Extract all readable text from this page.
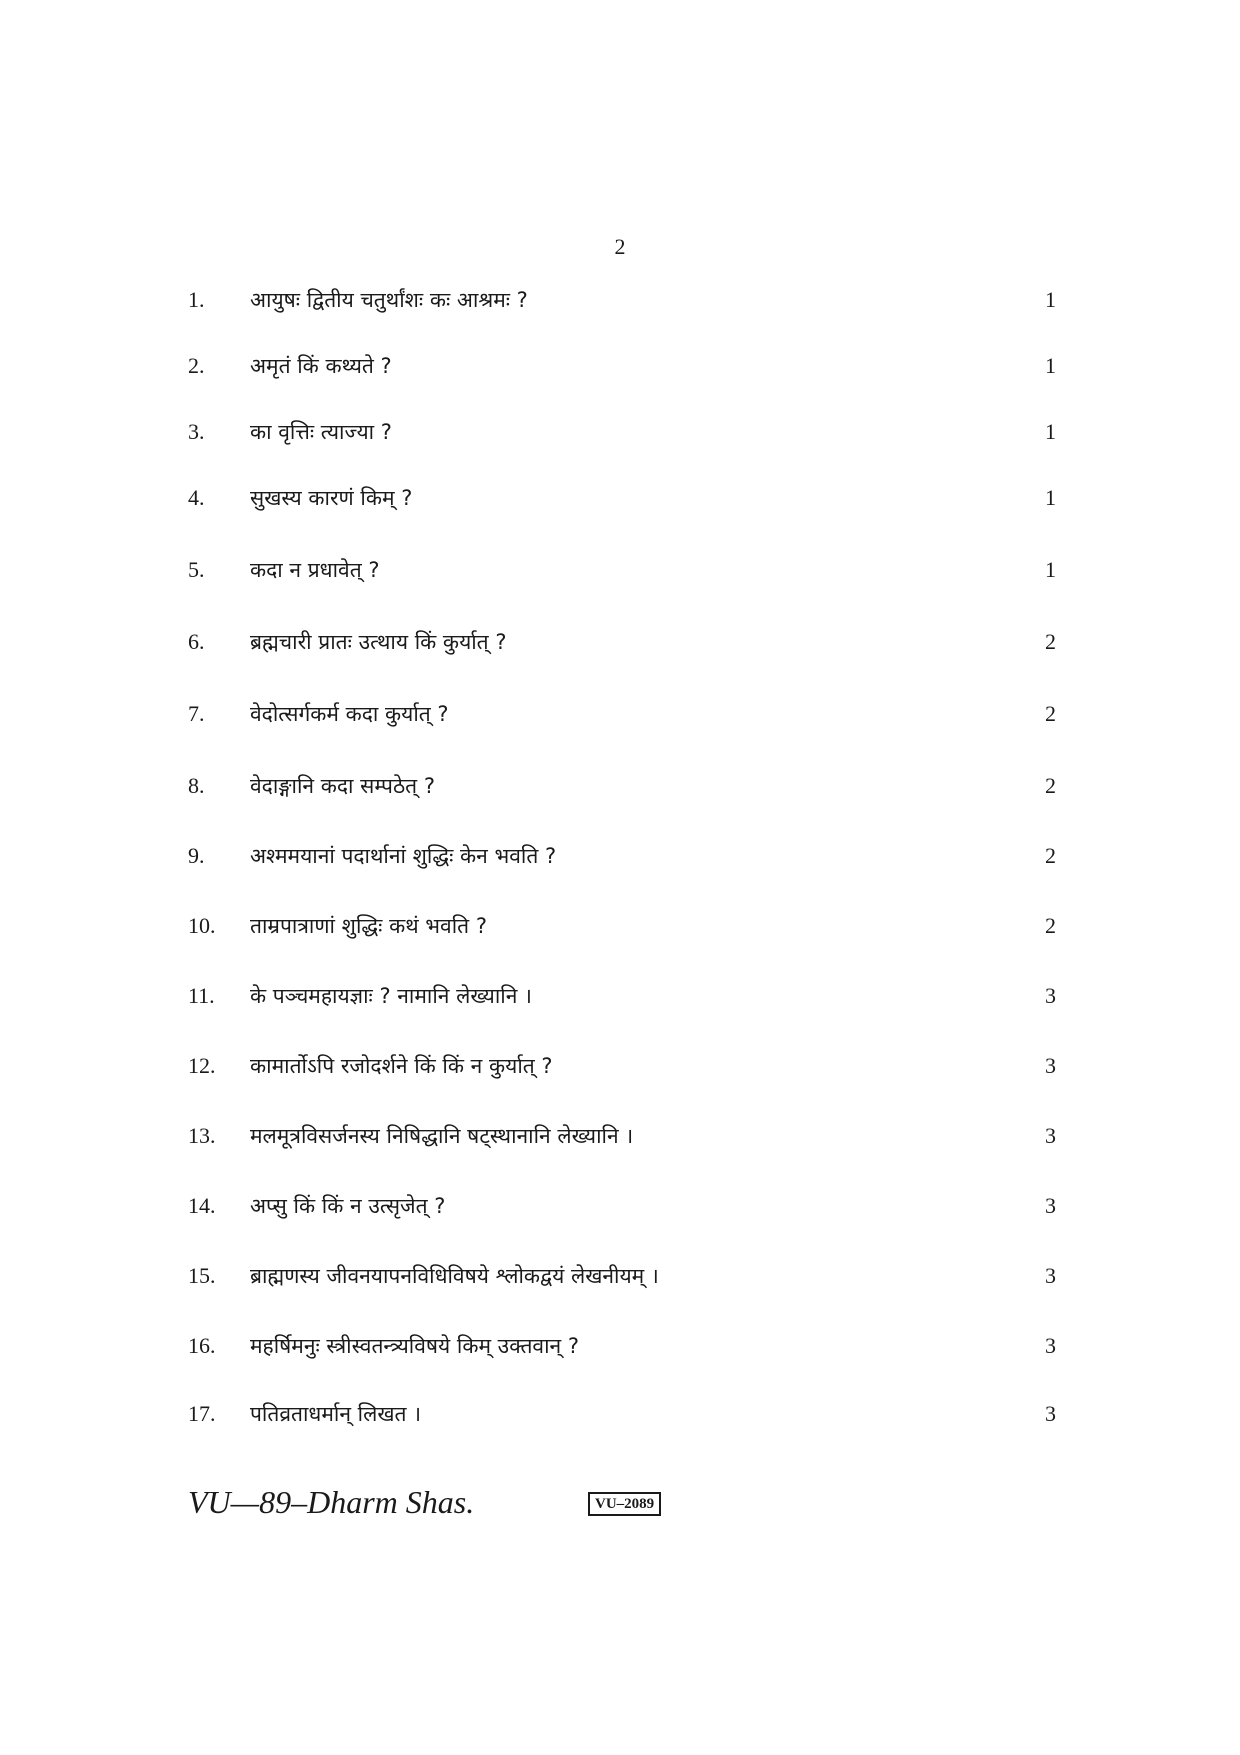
2
1. आयुषः द्वितीय चतुर्थांशः कः आश्रमः ?	1
2. अमृतं किं कथ्यते ?	1
3. का वृत्तिः त्याज्या ?	1
4. सुखस्य कारणं किम् ?	1
5. कदा न प्रधावेत् ?	1
6. ब्रह्मचारी प्रातः उत्थाय किं कुर्यात् ?	2
7. वेदोत्सर्गकर्म कदा कुर्यात् ?	2
8. वेदाङ्गानि कदा सम्पठेत् ?	2
9. अश्ममयानां पदार्थानां शुद्धिः केन भवति ?	2
10. ताम्रपात्राणां शुद्धिः कथं भवति ?	2
11. के पञ्चमहायज्ञाः ? नामानि लेख्यानि ।	3
12. कामार्तोऽपि रजोदर्शने किं किं न कुर्यात् ?	3
13. मलमूत्रविसर्जनस्य निषिद्धानि षट्स्थानानि लेख्यानि ।	3
14. अप्सु किं किं न उत्सृजेत् ?	3
15. ब्राह्मणस्य जीवनयापनविधिविषये श्लोकद्वयं लेखनीयम् ।	3
16. महर्षिमनुः स्त्रीस्वतन्त्र्यविषये किम् उक्तवान् ?	3
17. पतिव्रताधर्मान् लिखत ।	3
VU—89–Dharm Shas.	VU–2089
